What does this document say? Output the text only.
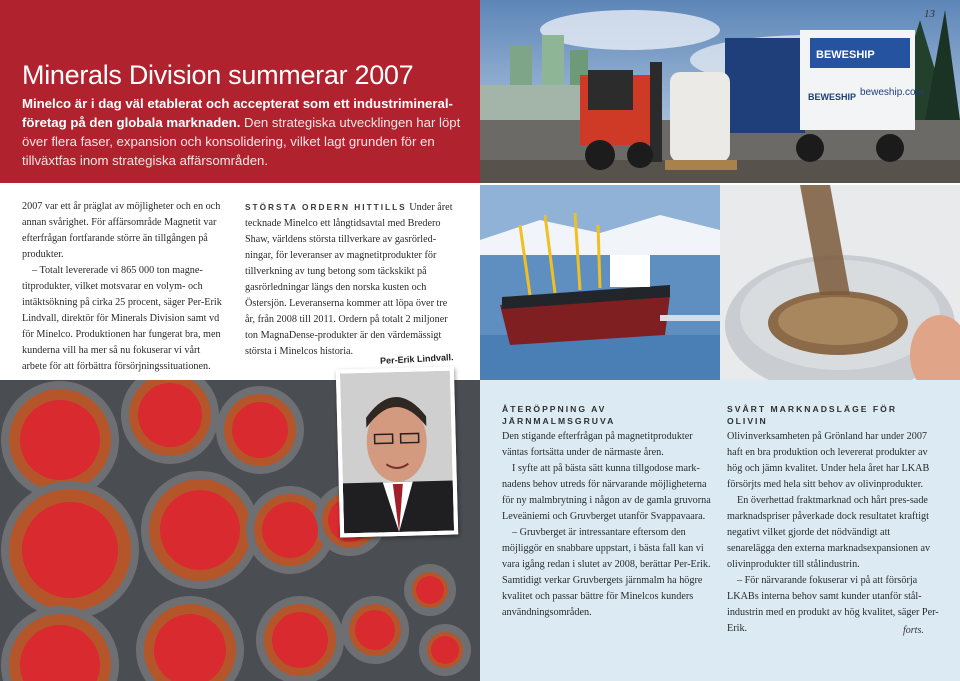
Minerals Division summerar 2007
Minelco är i dag väl etablerat och accepterat som ett industrimineral-företag på den globala marknaden. Den strategiska utvecklingen har löpt över flera faser, expansion och konsolidering, vilket lagt grunden för en tillväxtfas inom strategiska affärsområden.
BEWESHIP
beweship.com
BEWESHIP
13

2007 var ett år präglat av möjligheter och en och annan svårighet. För affärsområde Magnetit var efterfrågan fortfarande större än tillgången på produkter.

– Totalt levererade vi 865 000 ton magne-titprodukter, vilket motsvarar en volym- och intäktsökning på cirka 25 procent, säger Per-Erik Lindvall, direktör för Minerals Division samt vd för Minelco. Produktionen har fungerat bra, men kunderna vill ha mer så nu fokuserar vi vårt arbete för att förbättra försörjningssituationen.

STÖRSTA ORDERN HITTILLS Under året tecknade Minelco ett långtidsavtal med Bredero Shaw, världens största tillverkare av gasrörled-ningar, för leveranser av magnetitprodukter för tillverkning av tung betong som täckskikt på gasrörledningar längs den norska kusten och Östersjön. Leveranserna kommer att löpa över tre år, från 2008 till 2011. Ordern på totalt 2 miljoner ton MagnaDense-produkter är den värdemässigt största i Minelcos historia.

Per-Erik Lindvall.
ÅTERÖPPNING AV JÄRNMALMSGRUVA

Den stigande efterfrågan på magnetitprodukter väntas fortsätta under de närmaste åren.

I syfte att på bästa sätt kunna tillgodose mark-nadens behov utreds för närvarande möjligheterna för ny malmbrytning i någon av de gamla gruvorna Leveäniemi och Gruvberget utanför Svappavaara.

– Gruvberget är intressantare eftersom den möjliggör en snabbare uppstart, i bästa fall kan vi vara igång redan i slutet av 2008, berättar Per-Erik. Samtidigt verkar Gruvbergets järnmalm ha högre kvalitet och passar bättre för Minelcos kunders användningsområden.

SVÅRT MARKNADSLÄGE FÖR OLIVIN

Olivinverksamheten på Grönland har under 2007 haft en bra produktion och levererat produkter av hög och jämn kvalitet. Under hela året har LKAB försörjts med hela sitt behov av olivinprodukter.

En överhettad fraktmarknad och hårt pres-sade marknadspriser påverkade dock resultatet kraftigt negativt vilket gjorde det nödvändigt att senarelägga den externa marknadsexpansionen av olivinprodukter till stålindustrin.

– För närvarande fokuserar vi på att försörja LKABs interna behov samt kunder utanför stål-industrin med en produkt av hög kvalitet, säger Per-Erik.	forts.
